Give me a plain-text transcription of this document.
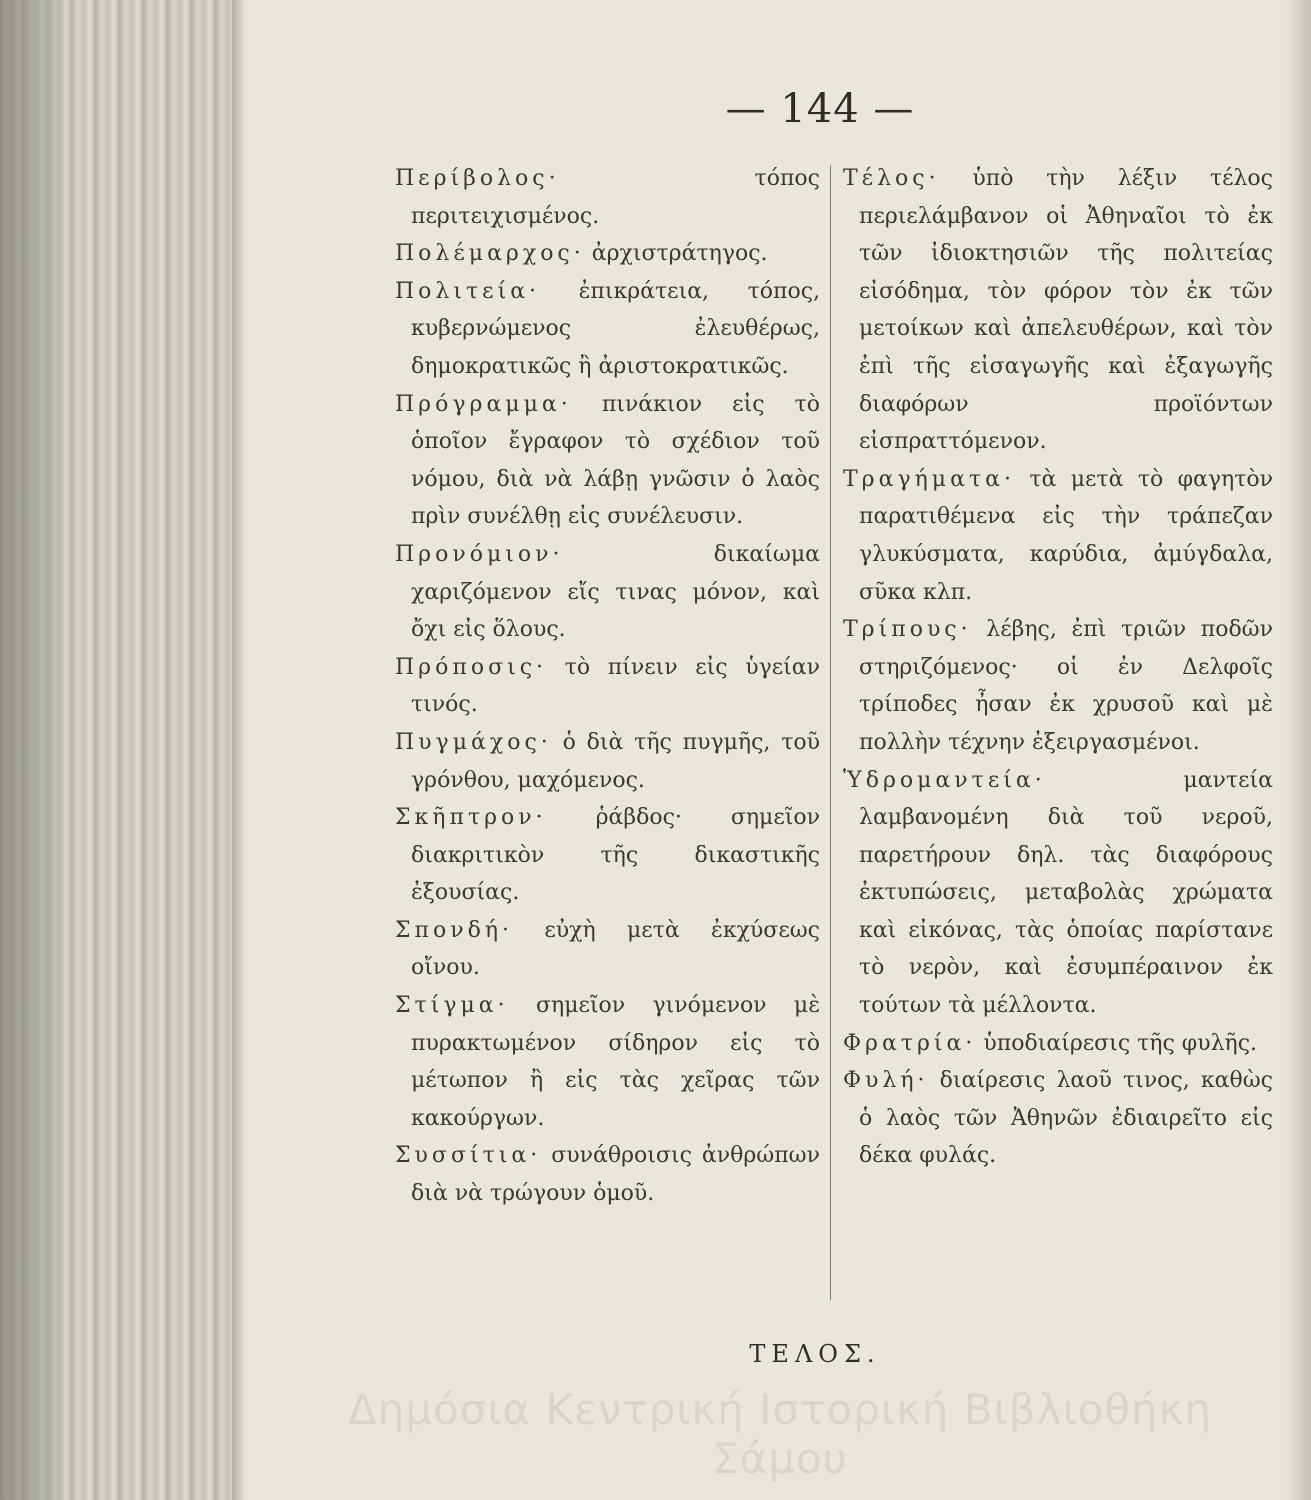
— 144 —
Περίβολος·	τόπος περιτειχισμένος.
Πολέμαρχος· ἀρχιστράτηγος.
Πολιτεία· ἐπικράτεια, τόπος, κυβερνώμενος ἐλευθέρως, δημοκρατικῶς ἢ ἀριστοκρατικῶς.
Πρόγραμμα· πινάκιον εἰς τὸ ὁποῖον ἔγραφον τὸ σχέδιον τοῦ νόμου, διὰ νὰ λάβῃ γνῶσιν ὁ λαὸς πρὶν συνέλθῃ εἰς συνέλευσιν.
Προνόμιον·	δικαίωμα χαριζόμενον εἴς τινας μόνον, καὶ ὄχι εἰς ὅλους.
Πρόποσις· τὸ πίνειν εἰς ὑγείαν τινός.
Πυγμάχος· ὁ διὰ τῆς πυγμῆς, τοῦ γρόνθου, μαχόμενος.
Σκῆπτρον· ῥάβδος· σημεῖον διακριτικὸν τῆς δικαστικῆς ἐξουσίας.
Σπονδή· εὐχὴ μετὰ ἐκχύσεως οἴνου.
Στίγμα· σημεῖον γινόμενον μὲ πυρακτωμένον σίδηρον εἰς τὸ μέτωπον ἢ εἰς τὰς χεῖρας τῶν κακούργων.
Συσσίτια· συνάθροισις ἀνθρώπων διὰ νὰ τρώγουν ὁμοῦ.
Τέλος· ὑπὸ τὴν λέξιν τέλος περιελάμβανον οἱ Ἀθηναῖοι τὸ ἐκ τῶν ἰδιοκτησιῶν τῆς πολιτείας εἰσόδημα, τὸν φόρον τὸν ἐκ τῶν μετοίκων καὶ ἀπελευθέρων, καὶ τὸν ἐπὶ τῆς εἰσαγωγῆς καὶ ἐξαγωγῆς διαφόρων προϊόντων εἰσπραττόμενον.
Τραγήματα· τὰ μετὰ τὸ φαγητὸν παρατιθέμενα εἰς τὴν τράπεζαν γλυκύσματα, καρύδια, ἀμύγδαλα, σῦκα κλπ.
Τρίπους· λέβης, ἐπὶ τριῶν ποδῶν στηριζόμενος· οἱ ἐν Δελφοῖς τρίποδες ἦσαν ἐκ χρυσοῦ καὶ μὲ πολλὴν τέχνην ἐξειργασμένοι.
Ὑδρομαντεία·	μαντεία λαμβανομένη διὰ τοῦ νεροῦ, παρετήρουν δηλ. τὰς διαφόρους ἐκτυπώσεις, μεταβολὰς χρώματα καὶ εἰκόνας, τὰς ὁποίας παρίστανε τὸ νερὸν, καὶ ἐσυμπέραινον ἐκ τούτων τὰ μέλλοντα.
Φρατρία· ὑποδιαίρεσις τῆς φυλῆς.
Φυλή· διαίρεσις λαοῦ τινος, καθὼς ὁ λαὸς τῶν Ἀθηνῶν ἐδιαιρεῖτο εἰς δέκα φυλάς.
ΤΕΛΟΣ.
Δημόσια Κεντρική Ιστορική Βιβλιοθήκη Σάμου
